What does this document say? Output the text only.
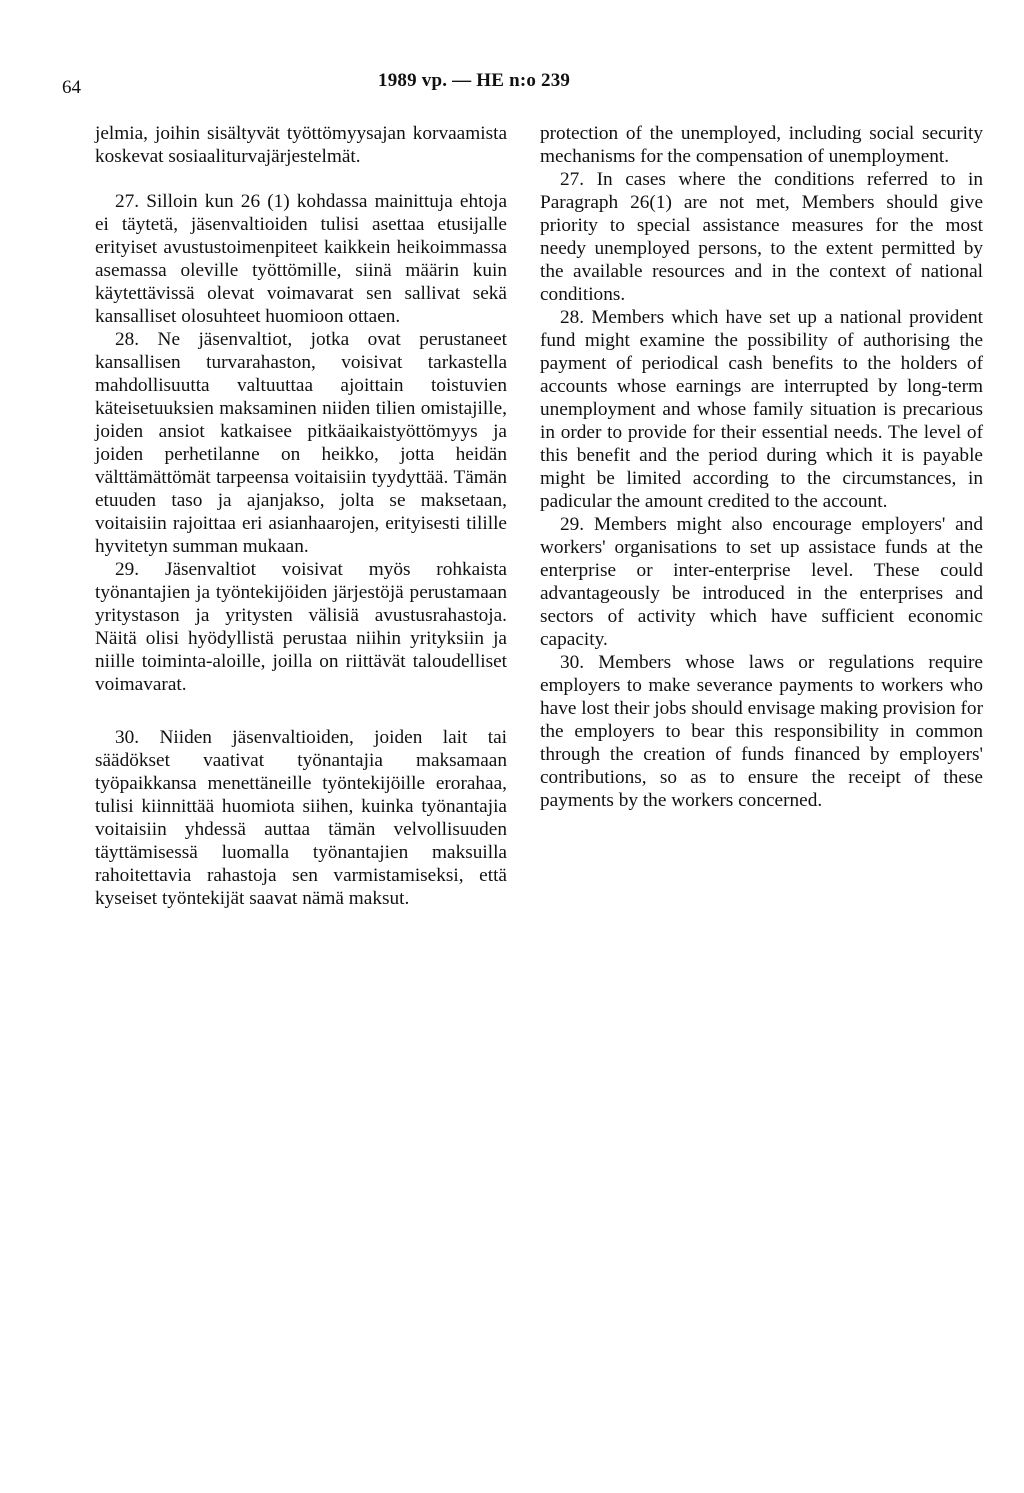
64	1989 vp. — HE n:o 239

jelmia, joihin sisältyvät työttömyysajan korvaamista koskevat sosiaaliturvajärjestelmät.

27. Silloin kun 26 (1) kohdassa mainittuja ehtoja ei täytetä, jäsenvaltioiden tulisi asettaa etusijalle erityiset avustustoimenpiteet kaikkein heikoimmassa asemassa oleville työttömille, siinä määrin kuin käytettävissä olevat voimavarat sen sallivat sekä kansalliset olosuhteet huomioon ottaen.

28. Ne jäsenvaltiot, jotka ovat perustaneet kansallisen turvarahaston, voisivat tarkastella mahdollisuutta valtuuttaa ajoittain toistuvien käteisetuuksien maksaminen niiden tilien omistajille, joiden ansiot katkaisee pitkäaikaistyöttömyys ja joiden perhetilanne on heikko, jotta heidän välttämättömät tarpeensa voitaisiin tyydyttää. Tämän etuuden taso ja ajanjakso, jolta se maksetaan, voitaisiin rajoittaa eri asianhaarojen, erityisesti tilille hyvitetyn summan mukaan.

29. Jäsenvaltiot voisivat myös rohkaista työnantajien ja työntekijöiden järjestöjä perustamaan yritystason ja yritysten välisiä avustusrahastoja. Näitä olisi hyödyllistä perustaa niihin yrityksiin ja niille toiminta-aloille, joilla on riittävät taloudelliset voimavarat.

30. Niiden jäsenvaltioiden, joiden lait tai säädökset vaativat työnantajia maksamaan työpaikkansa menettäneille työntekijöille erorahaa, tulisi kiinnittää huomiota siihen, kuinka työnantajia voitaisiin yhdessä auttaa tämän velvollisuuden täyttämisessä luomalla työnantajien maksuilla rahoitettavia rahastoja sen varmistamiseksi, että kyseiset työntekijät saavat nämä maksut.

protection of the unemployed, including social security mechanisms for the compensation of unemployment.

27. In cases where the conditions referred to in Paragraph 26(1) are not met, Members should give priority to special assistance measures for the most needy unemployed persons, to the extent permitted by the available resources and in the context of national conditions.

28. Members which have set up a national provident fund might examine the possibility of authorising the payment of periodical cash benefits to the holders of accounts whose earnings are interrupted by long-term unemployment and whose family situation is precarious in order to provide for their essential needs. The level of this benefit and the period during which it is payable might be limited according to the circumstances, in padicular the amount credited to the account.

29. Members might also encourage employers' and workers' organisations to set up assistace funds at the enterprise or inter-enterprise level. These could advantageously be introduced in the enterprises and sectors of activity which have sufficient economic capacity.

30. Members whose laws or regulations require employers to make severance payments to workers who have lost their jobs should envisage making provision for the employers to bear this responsibility in common through the creation of funds financed by employers' contributions, so as to ensure the receipt of these payments by the workers concerned.
